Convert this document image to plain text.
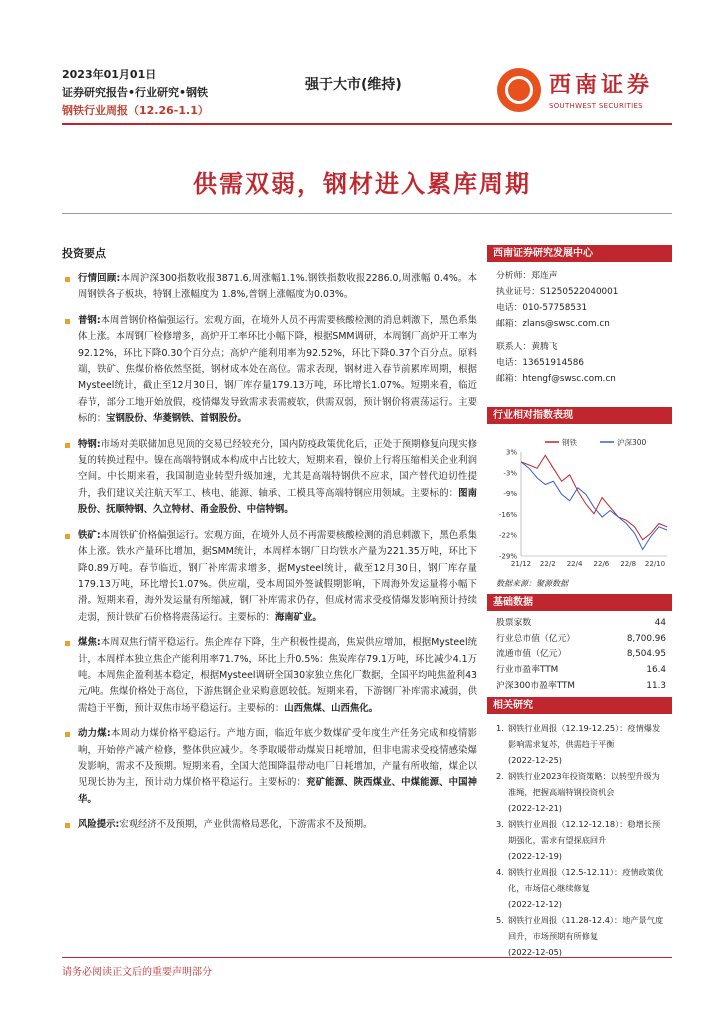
2023年01月01日
证券研究报告•行业研究•钢铁
钢铁行业周报（12.26-1.1）
强于大市(维持)	西南证券
SOUTHWEST SECURITIES
供需双弱，钢材进入累库周期
投资要点
行情回顾:本周沪深300指数收报3871.6,周涨幅1.1%.钢铁指数收报2286.0,周涨幅 0.4%。本周钢铁各子板块，特钢上涨幅度为 1.8%,普钢上涨幅度为0.03%。
普钢:本周普钢价格偏强运行。宏观方面，在境外人员不再需要核酸检测的消息刺激下，黑色系集体上涨。本周钢厂检修增多，高炉开工率环比小幅下降，根据SMM调研，本周钢厂高炉开工率为92.12%，环比下降0.30个百分点；高炉产能利用率为92.52%，环比下降0.37个百分点。原料端，铁矿、焦煤价格依然坚挺，钢材成本处在高位。需求表现，钢材进入春节前累库周期，根据Mysteel统计，截止至12月30日，钢厂库存量179.13万吨，环比增长1.07%。短期来看，临近春节，部分工地开始放假，疫情爆发导致需求表需疲软，供需双弱，预计钢价将震荡运行。主要标的：宝钢股份、华菱钢铁、首钢股份。
特钢:市场对美联储加息见顶的交易已经较充分，国内防疫政策优化后，正处于预期修复向现实修复的转换过程中。镍在高端特钢成本构成中占比较大，短期来看，镍价上行将压缩相关企业利润空间。中长期来看，我国制造业转型升级加速，尤其是高端特钢供不应求，国产替代迫切性提升，我们建议关注航天军工、核电、能源、轴承、工模具等高端特钢应用领域。主要标的：图南股份、抚顺特钢、久立特材、甬金股份、中信特钢。
铁矿:本周铁矿价格偏强运行。宏观方面，在境外人员不再需要核酸检测的消息刺激下，黑色系集体上涨。铁水产量环比增加，据SMM统计，本周样本钢厂日均铁水产量为221.35万吨，环比下降0.89万吨。春节临近，钢厂补库需求增多，据Mysteel统计，截至12月30日，钢厂库存量179.13万吨，环比增长1.07%。供应端，受本周国外签诚假期影响，下周海外发运量将小幅下滑。短期来看，海外发运量有所缩减，钢厂补库需求仍存，但成材需求受疫情爆发影响预计持续走弱，预计铁矿石价格将震荡运行。主要标的：海南矿业。
煤焦:本周双焦行情平稳运行。焦企库存下降，生产积极性提高，焦炭供应增加，根据Mysteel统计，本周样本独立焦企产能利用率71.7%，环比上升0.5%：焦炭库存79.1万吨，环比减少4.1万吨。本周焦企盈利基本稳定，根据Mysteel调研全国30家独立焦化厂数据，全国平均吨焦盈利43元/吨。焦煤价格处于高位，下游焦钢企业采购意愿较低。短期来看，下游钢厂补库需求减弱，供需趋于平衡，预计双焦市场平稳运行。主要标的：山西焦煤、山西焦化。
动力煤:本周动力煤价格平稳运行。产地方面，临近年底少数煤矿受年度生产任务完成和疫情影响，开始停产减产检修，整体供应减少。冬季取暖带动煤炭日耗增加，但非电需求受疫情感染爆发影响，需求不及预期。短期来看，全国大范围降温带动电厂日耗增加，产量有所收缩，煤企以见现长协为主，预计动力煤价格平稳运行。主要标的：兖矿能源、陕西煤业、中煤能源、中国神华。
风险提示:宏观经济不及预期，产业供需格局恶化，下游需求不及预期。
西南证券研究发展中心
分析师：郑连声
执业证号：S1250522040001
电话：010-57758531
邮箱：zlans@swsc.com.cn
联系人：黄腾飞
电话：13651914586
邮箱：htengf@swsc.com.cn
行业相对指数表现
钢铁	沪深300
3%
-3%
-9%
-16%
-22%
-29%
21/12 22/2 22/4 22/6 22/8 22/10
数据来源：聚源数据
基础数据
股票家数	44
行业总市值（亿元）	8,700.96
流通市值（亿元）	8,504.95
行业市盈率TTM	16.4
沪深300市盈率TTM	11.3
相关研究
1. 钢铁行业周报（12.19-12.25）：疫情爆发影响需求复苏，供需趋于平衡
(2022-12-25)
2. 钢铁行业2023年投资策略：以转型升级为准绳，把握高端特钢投资机会
(2022-12-21)
3. 钢铁行业周报（12.12-12.18）：稳增长预期强化，需求有望探底回升
(2022-12-19)
4. 钢铁行业周报（12.5-12.11）：疫情政策优化，市场信心继续修复
(2022-12-12)
5. 钢铁行业周报（11.28-12.4）：地产景气度回升，市场预期有所修复
(2022-12-05)
请务必阅读正文后的重要声明部分
